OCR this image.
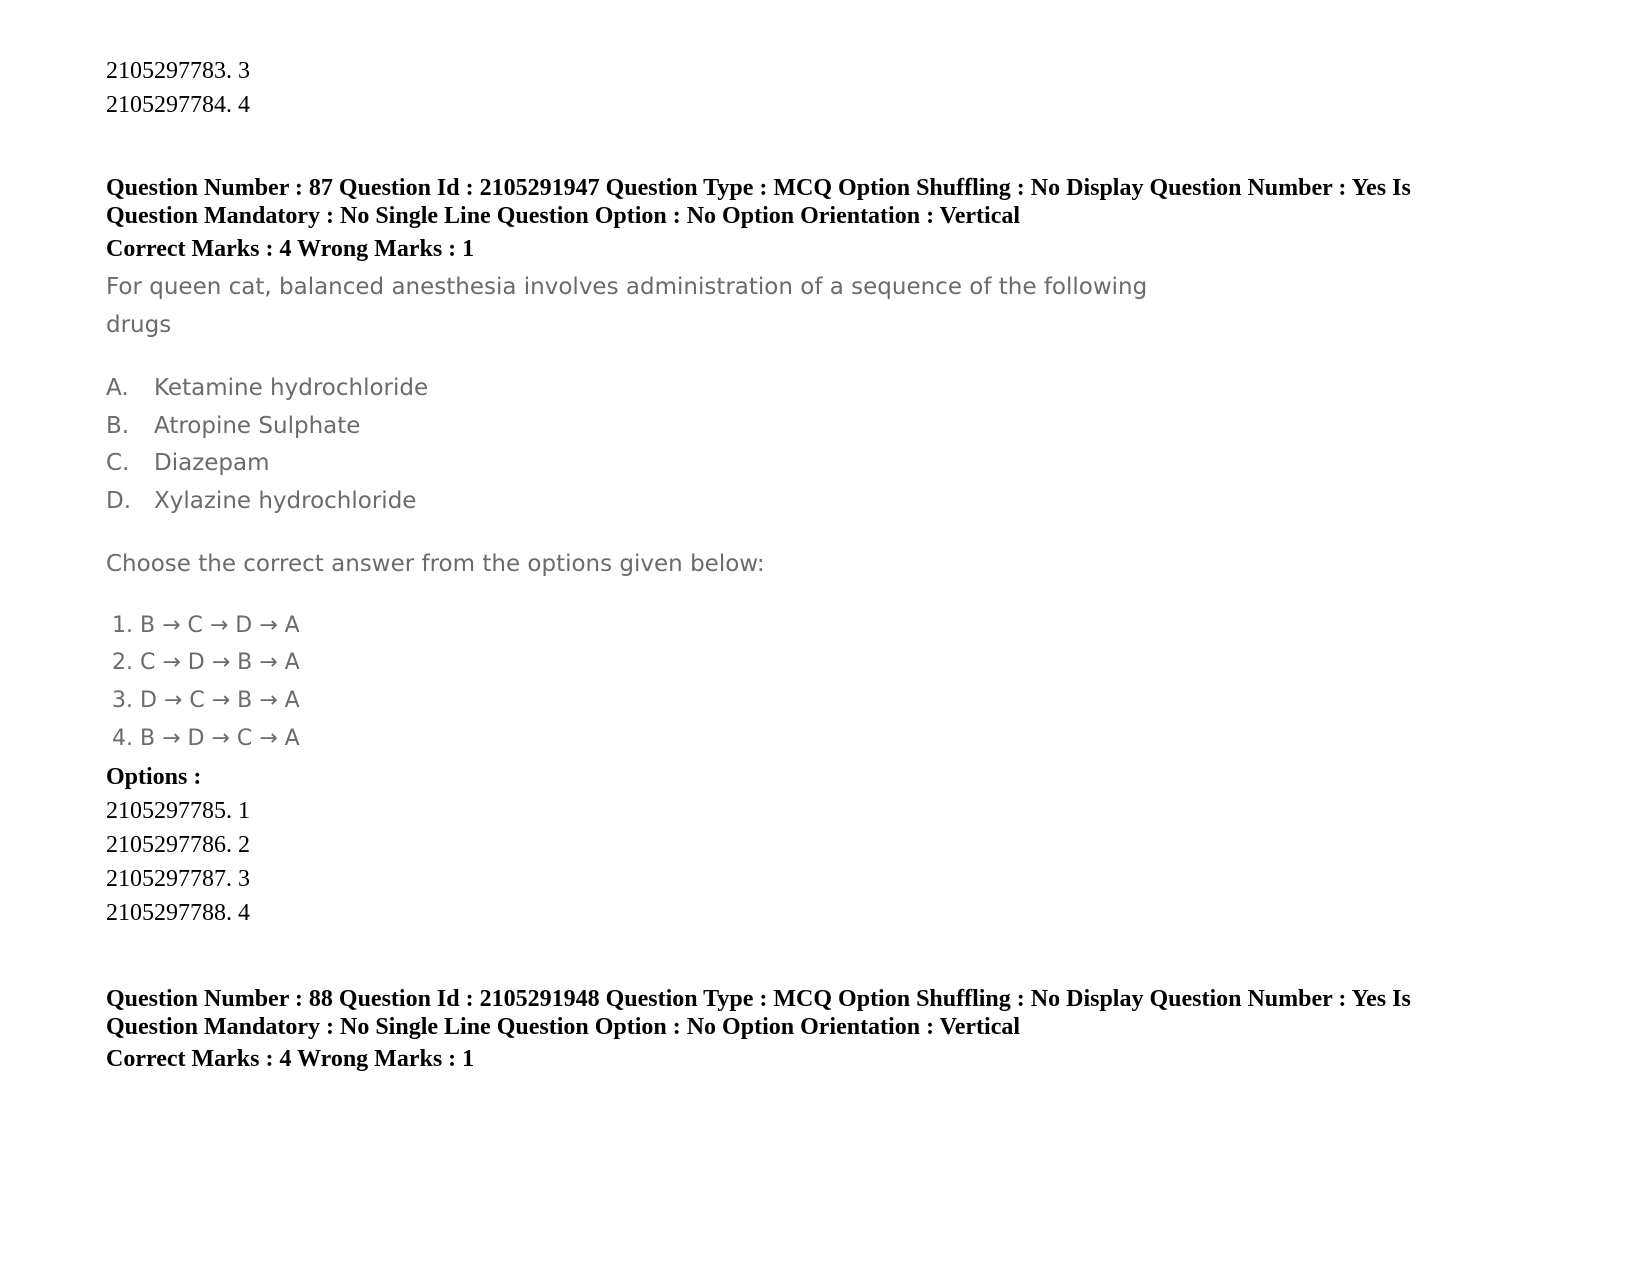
2105297783. 3
2105297784. 4
Question Number : 87 Question Id : 2105291947 Question Type : MCQ Option Shuffling : No Display Question Number : Yes Is
Question Mandatory : No Single Line Question Option : No Option Orientation : Vertical
Correct Marks : 4 Wrong Marks : 1
For queen cat, balanced anesthesia involves administration of a sequence of the following
drugs
A. Ketamine hydrochloride
B. Atropine Sulphate
C. Diazepam
D. Xylazine hydrochloride
Choose the correct answer from the options given below:
1. B → C → D → A
2. C → D → B → A
3. D → C → B → A
4. B → D → C → A
Options :
2105297785. 1
2105297786. 2
2105297787. 3
2105297788. 4
Question Number : 88 Question Id : 2105291948 Question Type : MCQ Option Shuffling : No Display Question Number : Yes Is
Question Mandatory : No Single Line Question Option : No Option Orientation : Vertical
Correct Marks : 4 Wrong Marks : 1
